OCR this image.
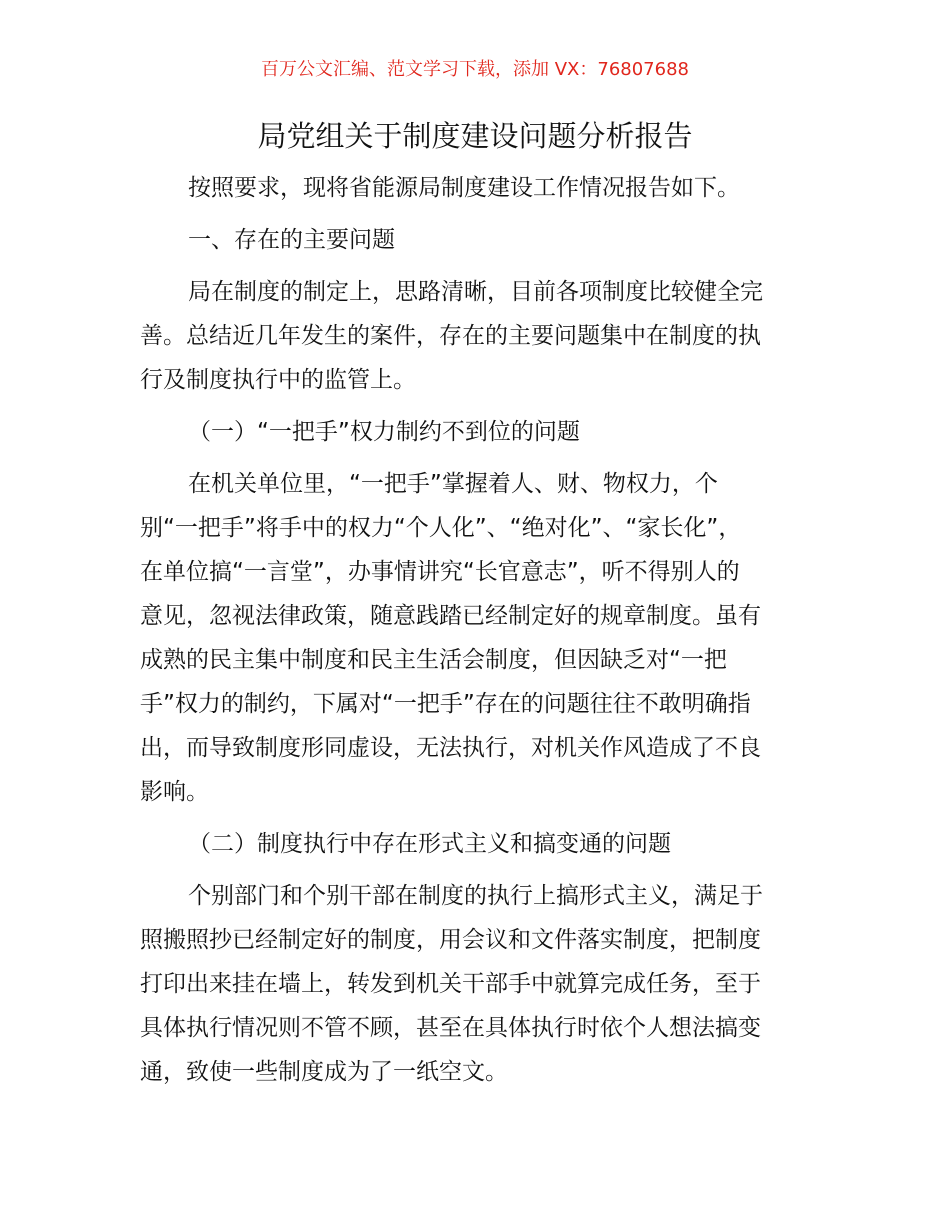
百万公文汇编、范文学习下载，添加 VX：76807688
局党组关于制度建设问题分析报告
按照要求，现将省能源局制度建设工作情况报告如下。
一、存在的主要问题
局在制度的制定上，思路清晰，目前各项制度比较健全完
善。总结近几年发生的案件，存在的主要问题集中在制度的执
行及制度执行中的监管上。
（一）“一把手”权力制约不到位的问题
在机关单位里，“一把手”掌握着人、财、物权力，个
别“一把手”将手中的权力“个人化”、“绝对化”、“家长化”，
在单位搞“一言堂”，办事情讲究“长官意志”，听不得别人的
意见，忽视法律政策，随意践踏已经制定好的规章制度。虽有
成熟的民主集中制度和民主生活会制度，但因缺乏对“一把
手”权力的制约，下属对“一把手”存在的问题往往不敢明确指
出，而导致制度形同虚设，无法执行，对机关作风造成了不良
影响。
（二）制度执行中存在形式主义和搞变通的问题
个别部门和个别干部在制度的执行上搞形式主义，满足于
照搬照抄已经制定好的制度，用会议和文件落实制度，把制度
打印出来挂在墙上，转发到机关干部手中就算完成任务，至于
具体执行情况则不管不顾，甚至在具体执行时依个人想法搞变
通，致使一些制度成为了一纸空文。
